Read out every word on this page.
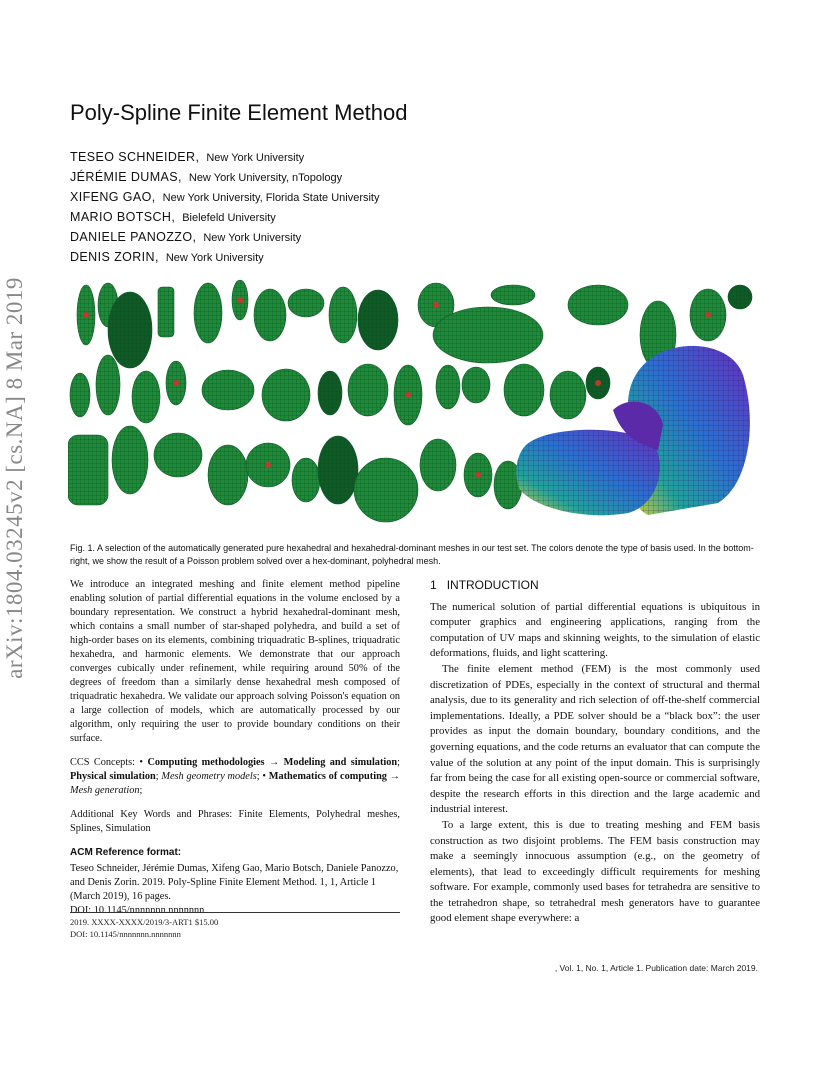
arXiv:1804.03245v2 [cs.NA] 8 Mar 2019
Poly-Spline Finite Element Method
TESEO SCHNEIDER, New York University
JÉRÉMIE DUMAS, New York University, nTopology
XIFENG GAO, New York University, Florida State University
MARIO BOTSCH, Bielefeld University
DANIELE PANOZZO, New York University
DENIS ZORIN, New York University
Fig. 1. A selection of the automatically generated pure hexahedral and hexahedral-dominant meshes in our test set. The colors denote the type of basis used. In the bottom-right, we show the result of a Poisson problem solved over a hex-dominant, polyhedral mesh.

We introduce an integrated meshing and finite element method pipeline enabling solution of partial differential equations in the volume enclosed by a boundary representation. We construct a hybrid hexahedral-dominant mesh, which contains a small number of star-shaped polyhedra, and build a set of high-order bases on its elements, combining triquadratic B-splines, triquadratic hexahedra, and harmonic elements. We demonstrate that our approach converges cubically under refinement, while requiring around 50% of the degrees of freedom than a similarly dense hexahedral mesh composed of triquadratic hexahedra. We validate our approach solving Poisson's equation on a large collection of models, which are automatically processed by our algorithm, only requiring the user to provide boundary conditions on their surface.

CCS Concepts: • Computing methodologies → Modeling and simulation; Physical simulation; Mesh geometry models; • Mathematics of computing → Mesh generation;

Additional Key Words and Phrases: Finite Elements, Polyhedral meshes, Splines, Simulation

ACM Reference format:
Teseo Schneider, Jérémie Dumas, Xifeng Gao, Mario Botsch, Daniele Panozzo, and Denis Zorin. 2019. Poly-Spline Finite Element Method. 1, 1, Article 1 (March 2019), 16 pages.
DOI: 10.1145/nnnnnnn.nnnnnnn
2019. XXXX-XXXX/2019/3-ART1 $15.00
DOI: 10.1145/nnnnnnn.nnnnnnn
1 INTRODUCTION

The numerical solution of partial differential equations is ubiquitous in computer graphics and engineering applications, ranging from the computation of UV maps and skinning weights, to the simulation of elastic deformations, fluids, and light scattering.

The finite element method (FEM) is the most commonly used discretization of PDEs, especially in the context of structural and thermal analysis, due to its generality and rich selection of off-the-shelf commercial implementations. Ideally, a PDE solver should be a “black box”: the user provides as input the domain boundary, boundary conditions, and the governing equations, and the code returns an evaluator that can compute the value of the solution at any point of the input domain. This is surprisingly far from being the case for all existing open-source or commercial software, despite the research efforts in this direction and the large academic and industrial interest.

To a large extent, this is due to treating meshing and FEM basis construction as two disjoint problems. The FEM basis construction may make a seemingly innocuous assumption (e.g., on the geometry of elements), that lead to exceedingly difficult requirements for meshing software. For example, commonly used bases for tetrahedra are sensitive to the tetrahedron shape, so tetrahedral mesh generators have to guarantee good element shape everywhere: a

, Vol. 1, No. 1, Article 1. Publication date: March 2019.
